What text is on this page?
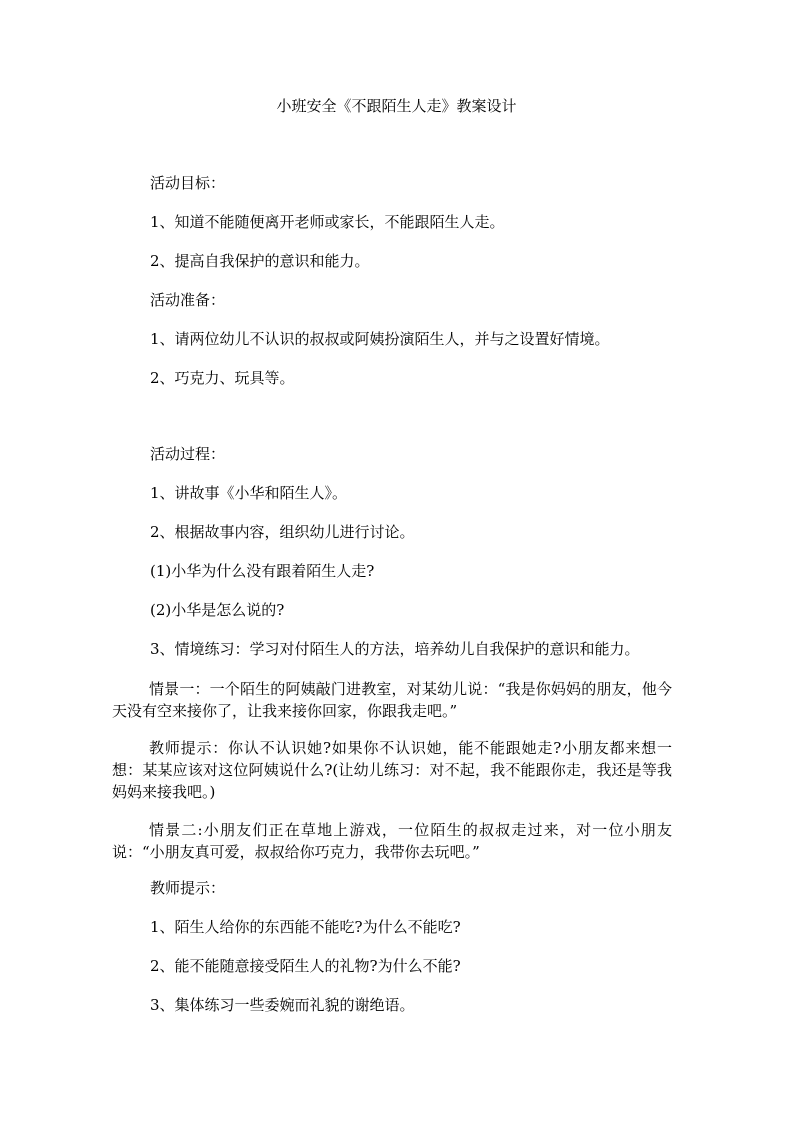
小班安全《不跟陌生人走》教案设计
活动目标：
1、知道不能随便离开老师或家长，不能跟陌生人走。
2、提高自我保护的意识和能力。
活动准备：
1、请两位幼儿不认识的叔叔或阿姨扮演陌生人，并与之设置好情境。
2、巧克力、玩具等。
活动过程：
1、讲故事《小华和陌生人》。
2、根据故事内容，组织幼儿进行讨论。
(1)小华为什么没有跟着陌生人走?
(2)小华是怎么说的?
3、情境练习：学习对付陌生人的方法，培养幼儿自我保护的意识和能力。
情景一：一个陌生的阿姨敲门进教室，对某幼儿说：“我是你妈妈的朋友，他今天没有空来接你了，让我来接你回家，你跟我走吧。”
教师提示：你认不认识她?如果你不认识她，能不能跟她走?小朋友都来想一想：某某应该对这位阿姨说什么?(让幼儿练习：对不起，我不能跟你走，我还是等我妈妈来接我吧。)
情景二:小朋友们正在草地上游戏，一位陌生的叔叔走过来，对一位小朋友说：“小朋友真可爱，叔叔给你巧克力，我带你去玩吧。”
教师提示：
1、陌生人给你的东西能不能吃?为什么不能吃?
2、能不能随意接受陌生人的礼物?为什么不能?
3、集体练习一些委婉而礼貌的谢绝语。
